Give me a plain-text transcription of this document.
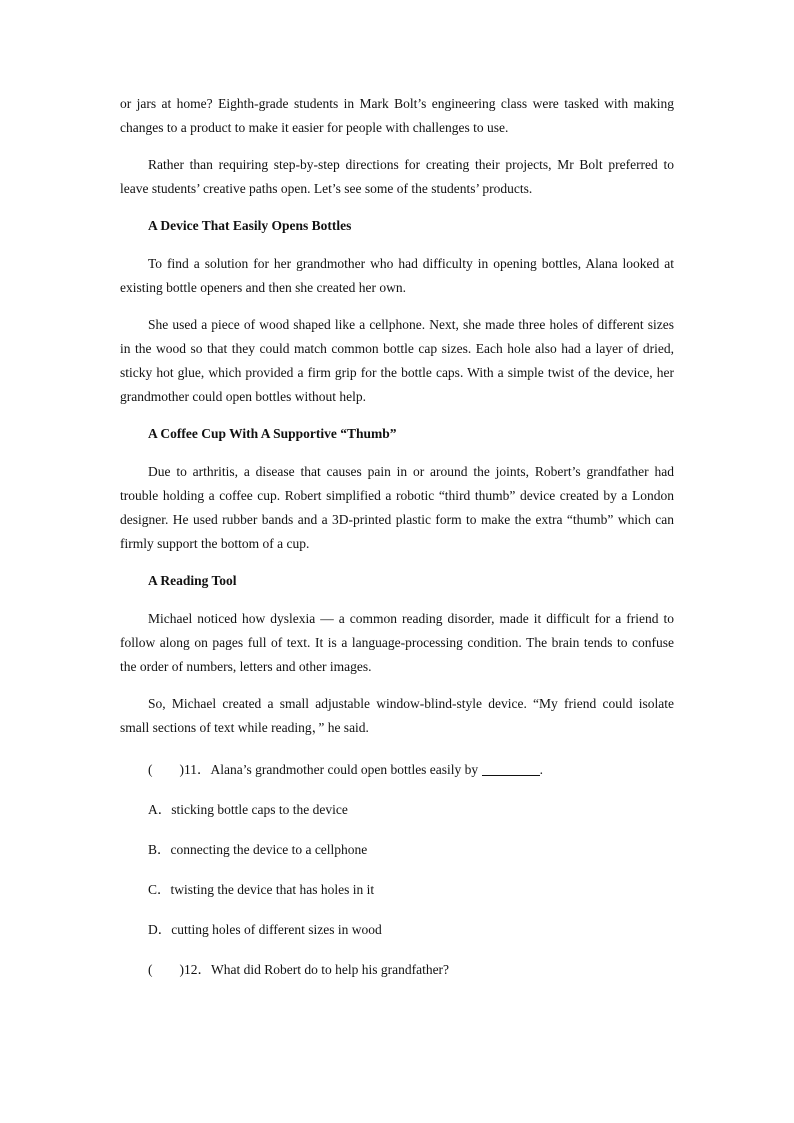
or jars at home? Eighth-grade students in Mark Bolt’s engineering class were tasked with making changes to a product to make it easier for people with challenges to use.

Rather than requiring step-by-step directions for creating their projects, Mr Bolt preferred to leave students’ creative paths open. Let’s see some of the students’ products.

A Device That Easily Opens Bottles

To find a solution for her grandmother who had difficulty in opening bottles, Alana looked at existing bottle openers and then she created her own.

She used a piece of wood shaped like a cellphone. Next, she made three holes of different sizes in the wood so that they could match common bottle cap sizes. Each hole also had a layer of dried, sticky hot glue, which provided a firm grip for the bottle caps. With a simple twist of the device, her grandmother could open bottles without help.

A Coffee Cup With A Supportive “Thumb”

Due to arthritis, a disease that causes pain in or around the joints, Robert’s grandfather had trouble holding a coffee cup. Robert simplified a robotic “third thumb” device created by a London designer. He used rubber bands and a 3D-printed plastic form to make the extra “thumb” which can firmly support the bottom of a cup.

A Reading Tool

Michael noticed how dyslexia — a common reading disorder, made it difficult for a friend to follow along on pages full of text. It is a language-processing condition. The brain tends to confuse the order of numbers, letters and other images.

So, Michael created a small adjustable window-blind-style device. “My friend could isolate small sections of text while reading，” he said.

(　　)11．Alana’s grandmother could open bottles easily by	.

A．sticking bottle caps to the device

B．connecting the device to a cellphone

C．twisting the device that has holes in it

D．cutting holes of different sizes in wood

(　　)12．What did Robert do to help his grandfather?
